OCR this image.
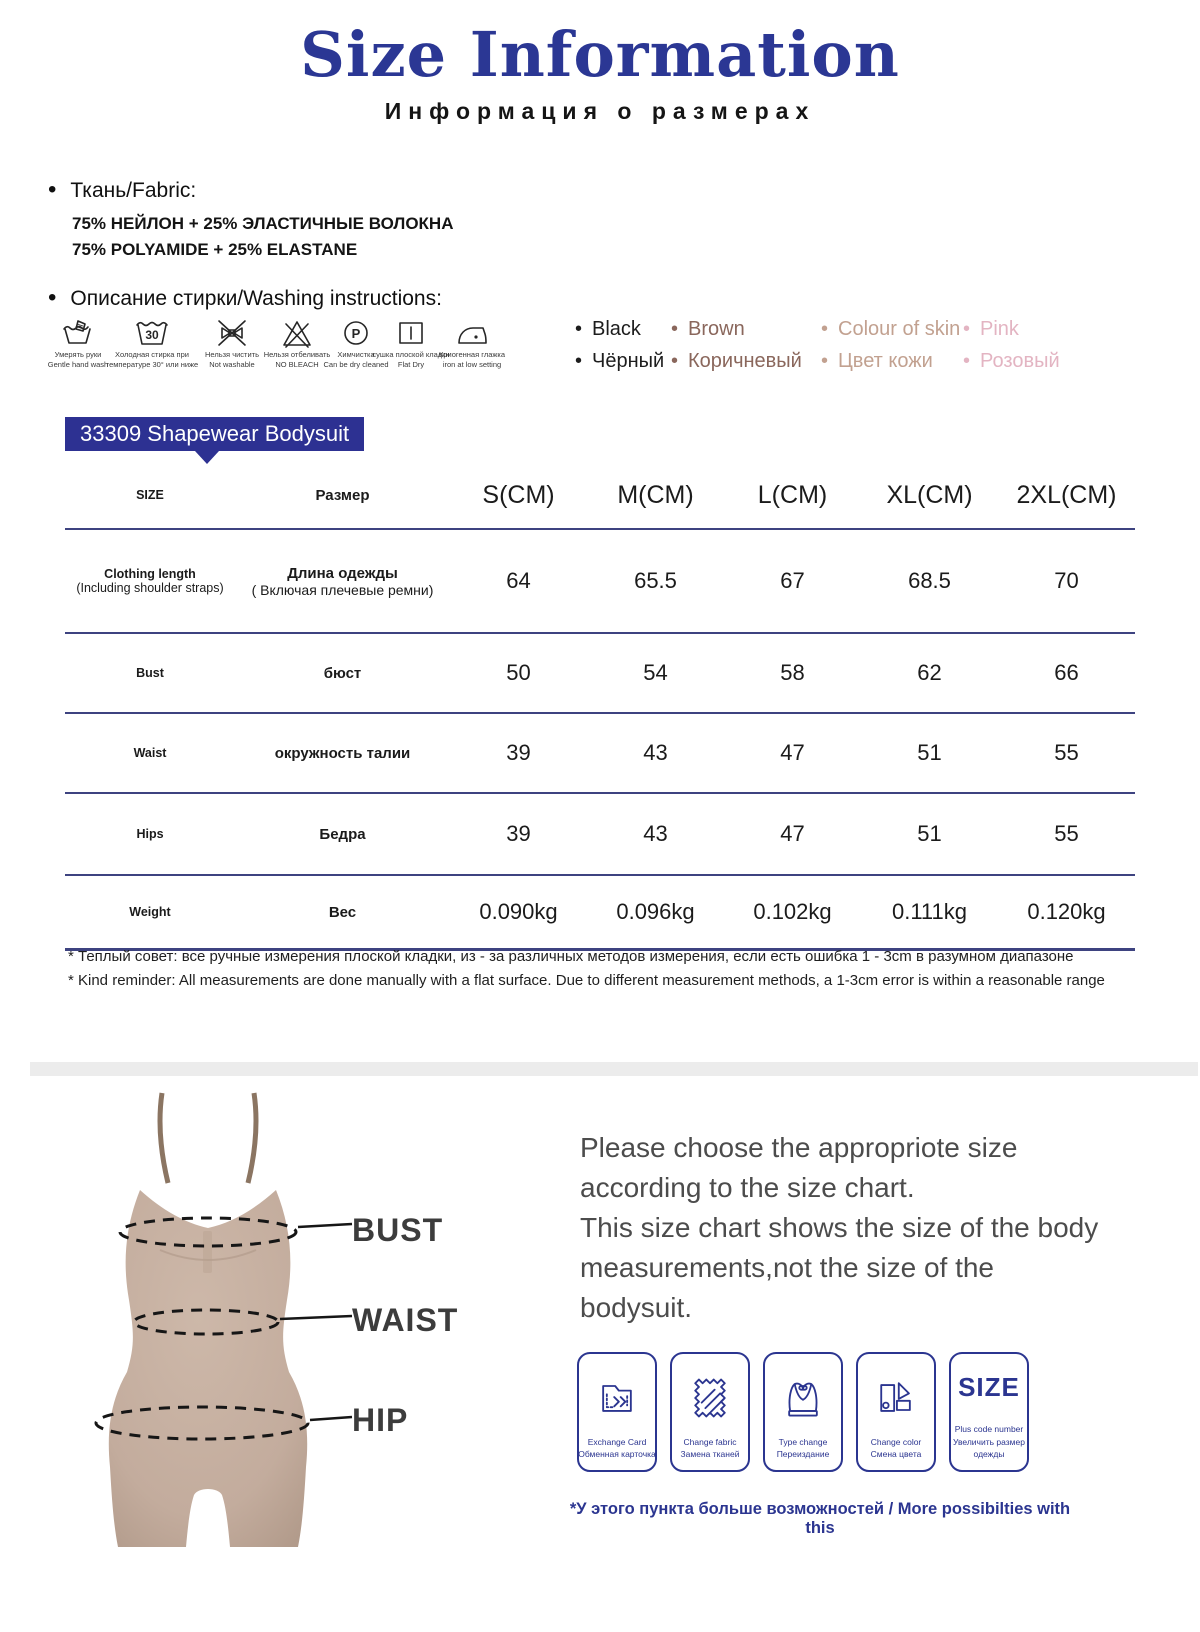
Size Information
Информация о размерах
• Ткань/Fabric:
75% НЕЙЛОН + 25% ЭЛАСТИЧНЫЕ ВОЛОКНА
75% POLYAMIDE + 25% ELASTANE
• Описание стирки/Washing instructions:
Умерять руки
Gentle hand wash
30
Холодная стирка при
температуре 30° или ниже
Нельзя чистить
Not washable
Нельзя отбеливать
NO BLEACH
P
Химчистка
Can be dry cleaned
сушка плоской кладки
Flat Dry
Криогенная глажка
iron at low setting
• Black
• Чёрный
• Brown
• Коричневый
• Colour of skin
• Цвет кожи
• Pink
• Розовый
33309 Shapewear Bodysuit
SIZE	Размер	S(CM)	M(CM)	L(CM)	XL(CM)	2XL(CM)
Clothing length
(Including shoulder straps)
Длина одежды
( Включая плечевые ремни)	64	65.5	67	68.5	70
Bust	бюст	50	54	58	62	66
Waist	окружность талии	39	43	47	51	55
Hips	Бедра	39	43	47	51	55
Weight	Вес	0.090kg	0.096kg	0.102kg	0.111kg	0.120kg
* Теплый совет: все ручные измерения плоской кладки, из - за различных методов измерения, если есть ошибка 1 - 3cm в разумном диапазоне
* Kind reminder: All measurements are done manually with a flat surface. Due to different measurement methods, a 1-3cm error is within a reasonable range
BUST
WAIST
HIP
Please choose the appropriote size
according to the size chart.
This size chart shows the size of the body
measurements,not the size of the
bodysuit.
Exchange Card
Обменная карточка
Change fabric
Замена тканей
Type change
Переиздание
Change color
Смена цвета
SIZE
Plus code number
Увеличить размер
одежды
*У этого пункта больше возможностей / More possibilties with this
